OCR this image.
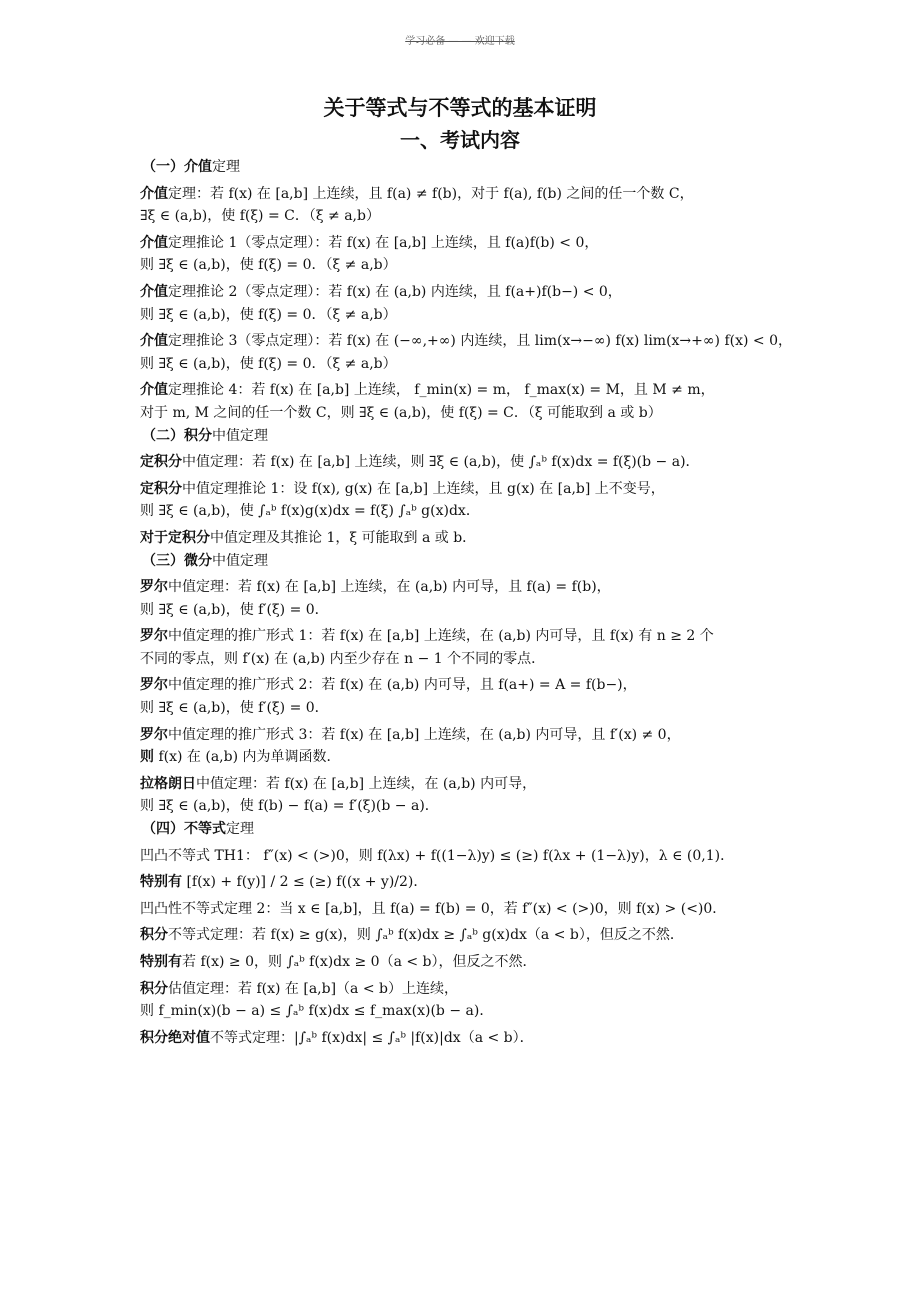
学习必备 — — 欢迎下载
关于等式与不等式的基本证明
一、考试内容
（一）介值定理
介值定理：若 f(x) 在 [a,b] 上连续，且 f(a) ≠ f(b)，对于 f(a), f(b) 之间的任一个数 C，
∃ξ ∈ (a,b)，使 f(ξ) = C．（ξ ≠ a,b）
介值定理推论 1（零点定理）：若 f(x) 在 [a,b] 上连续，且 f(a)f(b) < 0，
则 ∃ξ ∈ (a,b)，使 f(ξ) = 0．（ξ ≠ a,b）
介值定理推论 2（零点定理）：若 f(x) 在 (a,b) 内连续，且 f(a+)f(b−) < 0，
则 ∃ξ ∈ (a,b)，使 f(ξ) = 0．（ξ ≠ a,b）
介值定理推论 3（零点定理）：若 f(x) 在 (−∞,+∞) 内连续，且 lim(x→−∞) f(x) lim(x→+∞) f(x) < 0，
则 ∃ξ ∈ (a,b)，使 f(ξ) = 0．（ξ ≠ a,b）
介值定理推论 4：若 f(x) 在 [a,b] 上连续， f_min(x) = m， f_max(x) = M，且 M ≠ m，
对于 m, M 之间的任一个数 C，则 ∃ξ ∈ (a,b)，使 f(ξ) = C．（ξ 可能取到 a 或 b）
（二）积分中值定理
定积分中值定理：若 f(x) 在 [a,b] 上连续，则 ∃ξ ∈ (a,b)，使 ∫ₐᵇ f(x)dx = f(ξ)(b − a)．
定积分中值定理推论 1：设 f(x), g(x) 在 [a,b] 上连续，且 g(x) 在 [a,b] 上不变号，
则 ∃ξ ∈ (a,b)，使 ∫ₐᵇ f(x)g(x)dx = f(ξ) ∫ₐᵇ g(x)dx．
对于定积分中值定理及其推论 1，ξ 可能取到 a 或 b．
（三）微分中值定理
罗尔中值定理：若 f(x) 在 [a,b] 上连续，在 (a,b) 内可导，且 f(a) = f(b)，
则 ∃ξ ∈ (a,b)，使 f′(ξ) = 0．
罗尔中值定理的推广形式 1：若 f(x) 在 [a,b] 上连续，在 (a,b) 内可导，且 f(x) 有 n ≥ 2 个
不同的零点，则 f′(x) 在 (a,b) 内至少存在 n − 1 个不同的零点．
罗尔中值定理的推广形式 2：若 f(x) 在 (a,b) 内可导，且 f(a+) = A = f(b−)，
则 ∃ξ ∈ (a,b)，使 f′(ξ) = 0．
罗尔中值定理的推广形式 3：若 f(x) 在 [a,b] 上连续，在 (a,b) 内可导，且 f′(x) ≠ 0，
则 f(x) 在 (a,b) 内为单调函数．
拉格朗日中值定理：若 f(x) 在 [a,b] 上连续，在 (a,b) 内可导，
则 ∃ξ ∈ (a,b)，使 f(b) − f(a) = f′(ξ)(b − a)．
（四）不等式定理
凹凸不等式 TH1： f″(x) < (>)0，则 f(λx) + f((1−λ)y) ≤ (≥) f(λx + (1−λ)y)，λ ∈ (0,1)．
特别有 [f(x) + f(y)] / 2 ≤ (≥) f((x + y)/2)．
凹凸性不等式定理 2：当 x ∈ [a,b]，且 f(a) = f(b) = 0，若 f″(x) < (>)0，则 f(x) > (<)0．
积分不等式定理：若 f(x) ≥ g(x)，则 ∫ₐᵇ f(x)dx ≥ ∫ₐᵇ g(x)dx（a < b），但反之不然．
特别有若 f(x) ≥ 0，则 ∫ₐᵇ f(x)dx ≥ 0（a < b），但反之不然．
积分估值定理：若 f(x) 在 [a,b]（a < b）上连续，
则 f_min(x)(b − a) ≤ ∫ₐᵇ f(x)dx ≤ f_max(x)(b − a)．
积分绝对值不等式定理：|∫ₐᵇ f(x)dx| ≤ ∫ₐᵇ |f(x)|dx（a < b）．
